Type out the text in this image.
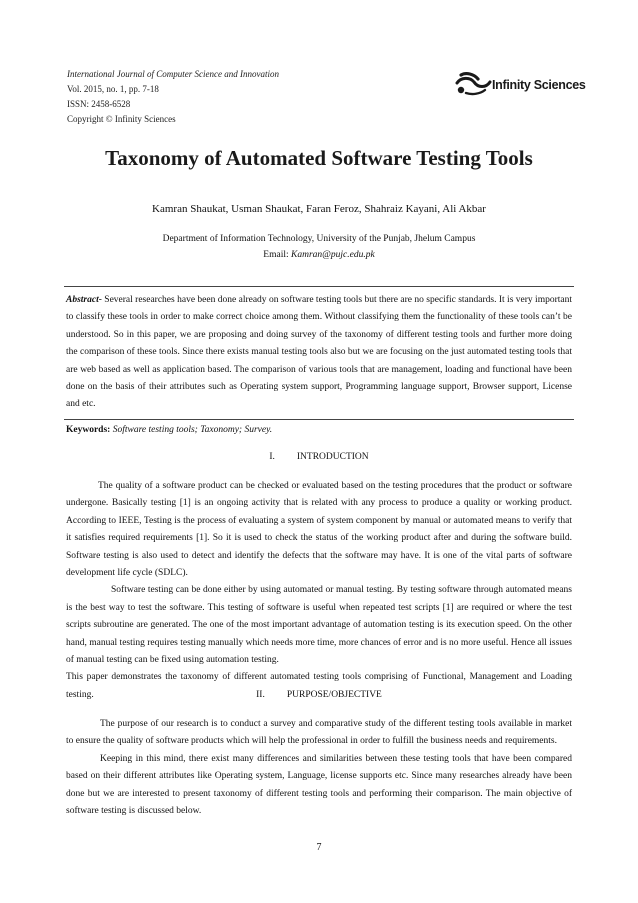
International Journal of Computer Science and Innovation
Vol. 2015, no. 1, pp. 7-18
ISSN: 2458-6528
Copyright © Infinity Sciences
Infinity Sciences
Taxonomy of Automated Software Testing Tools
Kamran Shaukat, Usman Shaukat, Faran Feroz, Shahraiz Kayani, Ali Akbar
Department of Information Technology, University of the Punjab, Jhelum Campus
Email: Kamran@pujc.edu.pk
Abstract- Several researches have been done already on software testing tools but there are no specific standards. It is very important to classify these tools in order to make correct choice among them. Without classifying them the functionality of these tools can’t be understood. So in this paper, we are proposing and doing survey of the taxonomy of different testing tools and further more doing the comparison of these tools. Since there exists manual testing tools also but we are focusing on the just automated testing tools that are web based as well as application based. The comparison of various tools that are management, loading and functional have been done on the basis of their attributes such as Operating system support, Programming language support, Browser support, License and etc.
Keywords: Software testing tools; Taxonomy; Survey.
I. INTRODUCTION

The quality of a software product can be checked or evaluated based on the testing procedures that the product or software undergone. Basically testing [1] is an ongoing activity that is related with any process to produce a quality or working product. According to IEEE, Testing is the process of evaluating a system of system component by manual or automated means to verify that it satisfies required requirements [1]. So it is used to check the status of the working product after and during the software build. Software testing is also used to detect and identify the defects that the software may have. It is one of the vital parts of software development life cycle (SDLC).

Software testing can be done either by using automated or manual testing. By testing software through automated means is the best way to test the software. This testing of software is useful when repeated test scripts [1] are required or where the test scripts subroutine are generated. The one of the most important advantage of automation testing is its execution speed. On the other hand, manual testing requires testing manually which needs more time, more chances of error and is no more useful. Hence all issues of manual testing can be fixed using automation testing.

This paper demonstrates the taxonomy of different automated testing tools comprising of Functional, Management and Loading testing.	II. PURPOSE/OBJECTIVE

The purpose of our research is to conduct a survey and comparative study of the different testing tools available in market to ensure the quality of software products which will help the professional in order to fulfill the business needs and requirements.

Keeping in this mind, there exist many differences and similarities between these testing tools that have been compared based on their different attributes like Operating system, Language, license supports etc. Since many researches already have been done but we are interested to present taxonomy of different testing tools and performing their comparison. The main objective of software testing is discussed below.

7
